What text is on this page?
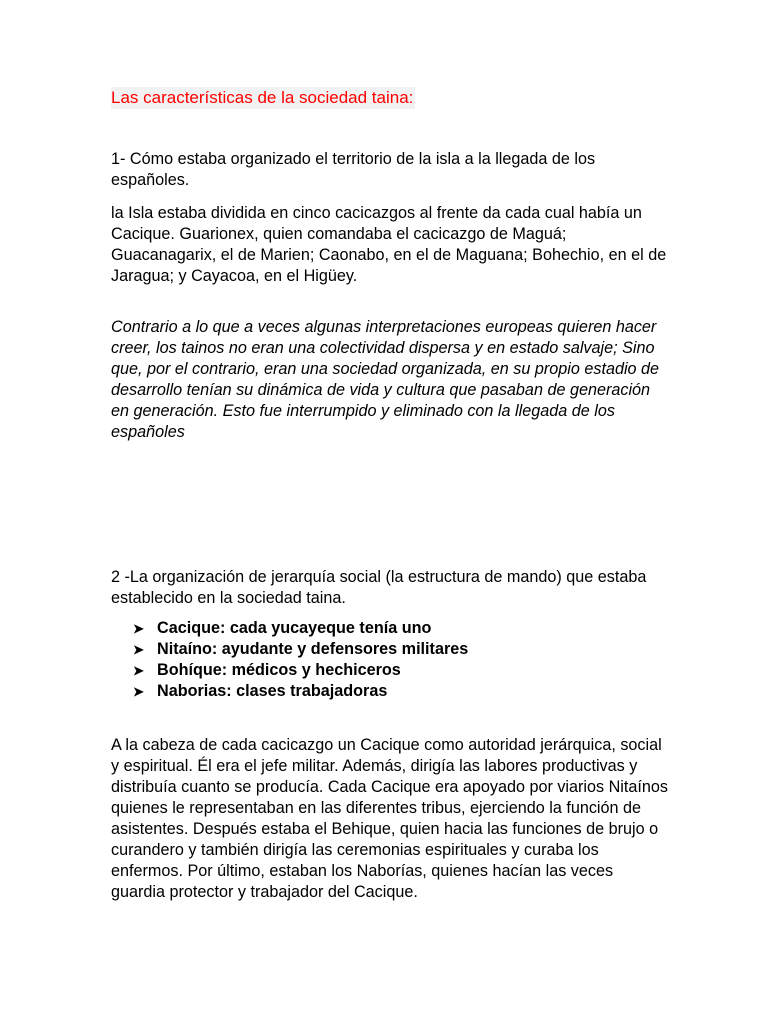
Las características de la sociedad taina:

1- Cómo estaba organizado el territorio de la isla a la llegada de los españoles.

la Isla estaba dividida en cinco cacicazgos al frente da cada cual había un Cacique. Guarionex, quien comandaba el cacicazgo de Maguá; Guacanagarix, el de Marien; Caonabo, en el de Maguana; Bohechio, en el de Jaragua; y Cayacoa, en el Higüey.

Contrario a lo que a veces algunas interpretaciones europeas quieren hacer creer, los tainos no eran una colectividad dispersa y en estado salvaje; Sino que, por el contrario, eran una sociedad organizada, en su propio estadio de desarrollo tenían su dinámica de vida y cultura que pasaban de generación en generación. Esto fue interrumpido y eliminado con la llegada de los españoles

2 -La organización de jerarquía social (la estructura de mando) que estaba establecido en la sociedad taina.

➤ Cacique: cada yucayeque tenía uno
➤ Nitaíno: ayudante y defensores militares
➤ Bohíque: médicos y hechiceros
➤ Naborias: clases trabajadoras

A la cabeza de cada cacicazgo un Cacique como autoridad jerárquica, social y espiritual. Él era el jefe militar. Además, dirigía las labores productivas y distribuía cuanto se producía. Cada Cacique era apoyado por viarios Nitaínos quienes le representaban en las diferentes tribus, ejerciendo la función de asistentes. Después estaba el Behique, quien hacia las funciones de brujo o curandero y también dirigía las ceremonias espirituales y curaba los enfermos. Por último, estaban los Naborías, quienes hacían las veces guardia protector y trabajador del Cacique.
